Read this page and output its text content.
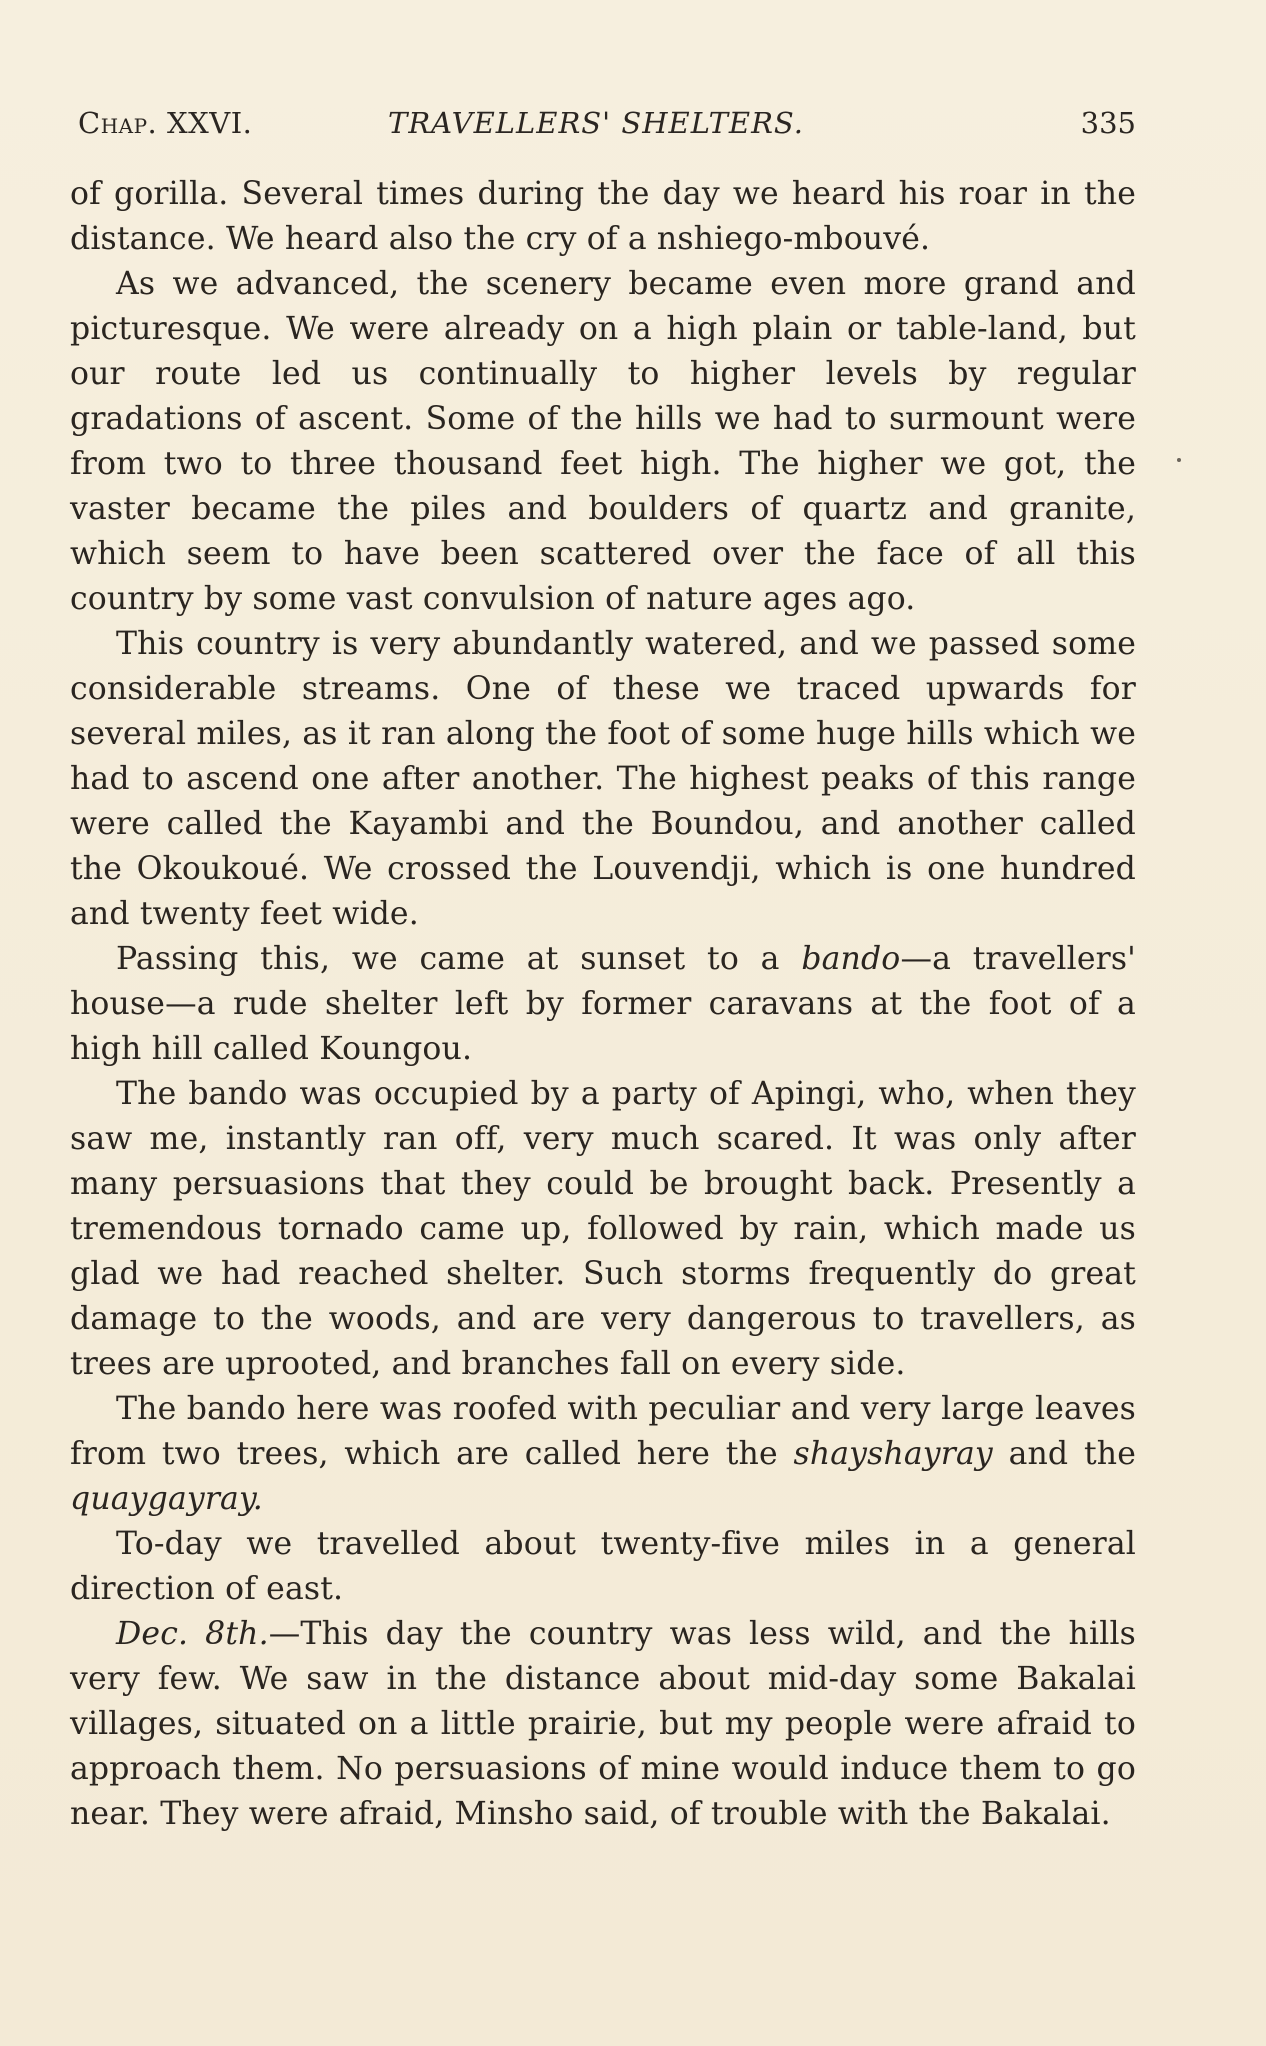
Chap. XXVI.	TRAVELLERS' SHELTERS.	335

of gorilla. Several times during the day we heard his roar in the distance. We heard also the cry of a nshiego-mbouvé.

As we advanced, the scenery became even more grand and picturesque. We were already on a high plain or table-land, but our route led us continually to higher levels by regular gradations of ascent. Some of the hills we had to surmount were from two to three thousand feet high. The higher we got, the vaster became the piles and boulders of quartz and granite, which seem to have been scattered over the face of all this country by some vast convulsion of nature ages ago.

This country is very abundantly watered, and we passed some considerable streams. One of these we traced upwards for several miles, as it ran along the foot of some huge hills which we had to ascend one after another. The highest peaks of this range were called the Kayambi and the Boundou, and another called the Okoukoué. We crossed the Louvendji, which is one hundred and twenty feet wide.

Passing this, we came at sunset to a bando—a travellers' house—a rude shelter left by former caravans at the foot of a high hill called Koungou.

The bando was occupied by a party of Apingi, who, when they saw me, instantly ran off, very much scared. It was only after many persuasions that they could be brought back. Presently a tremendous tornado came up, followed by rain, which made us glad we had reached shelter. Such storms frequently do great damage to the woods, and are very dangerous to travellers, as trees are uprooted, and branches fall on every side.

The bando here was roofed with peculiar and very large leaves from two trees, which are called here the shayshayray and the quaygayray.

To-day we travelled about twenty-five miles in a general direction of east.

Dec. 8th.—This day the country was less wild, and the hills very few. We saw in the distance about mid-day some Bakalai villages, situated on a little prairie, but my people were afraid to approach them. No persuasions of mine would induce them to go near. They were afraid, Minsho said, of trouble with the Bakalai.
